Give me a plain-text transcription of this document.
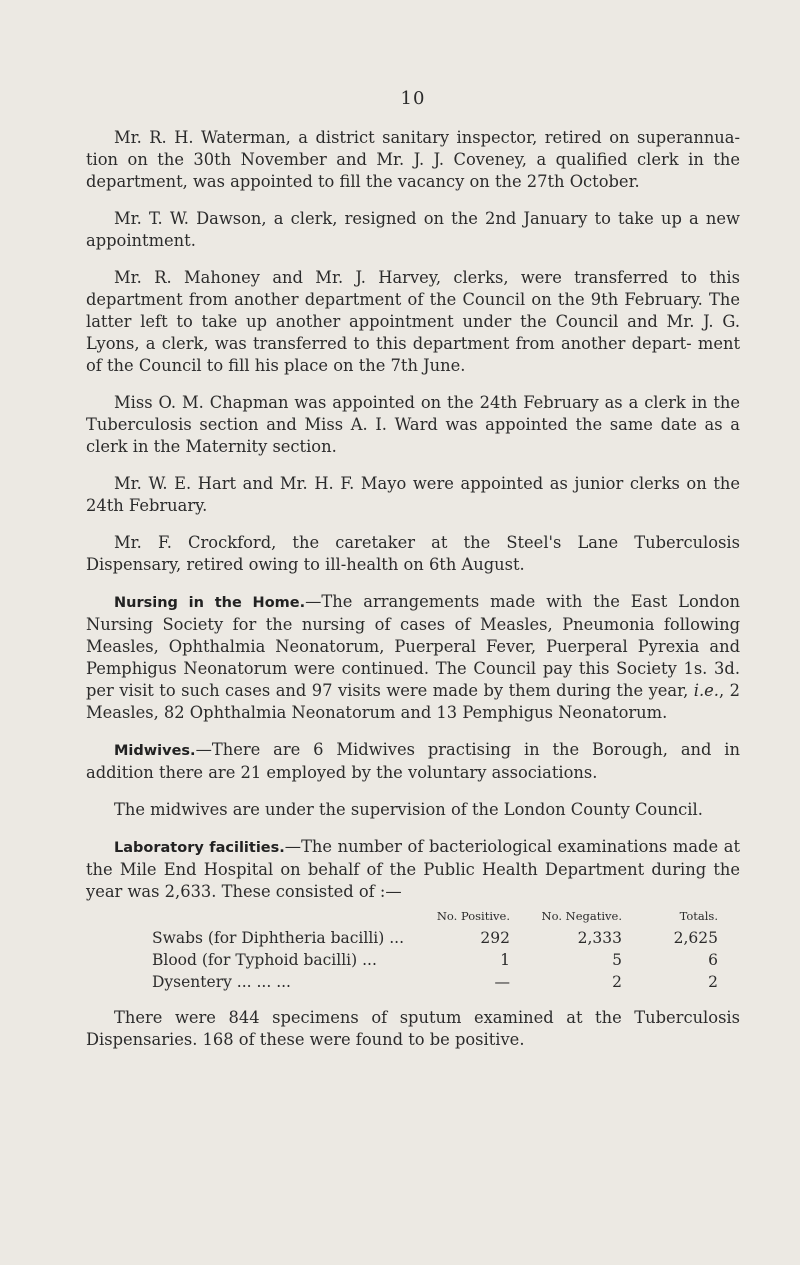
10

Mr. R. H. Waterman, a district sanitary inspector, retired on superannua- tion on the 30th November and Mr. J. J. Coveney, a qualified clerk in the department, was appointed to fill the vacancy on the 27th October.

Mr. T. W. Dawson, a clerk, resigned on the 2nd January to take up a new appointment.

Mr. R. Mahoney and Mr. J. Harvey, clerks, were transferred to this department from another department of the Council on the 9th February. The latter left to take up another appointment under the Council and Mr. J. G. Lyons, a clerk, was transferred to this department from another depart- ment of the Council to fill his place on the 7th June.

Miss O. M. Chapman was appointed on the 24th February as a clerk in the Tuberculosis section and Miss A. I. Ward was appointed the same date as a clerk in the Maternity section.

Mr. W. E. Hart and Mr. H. F. Mayo were appointed as junior clerks on the 24th February.

Mr. F. Crockford, the caretaker at the Steel's Lane Tuberculosis Dispensary, retired owing to ill-health on 6th August.

Nursing in the Home.—The arrangements made with the East London Nursing Society for the nursing of cases of Measles, Pneumonia following Measles, Ophthalmia Neonatorum, Puerperal Fever, Puerperal Pyrexia and Pemphigus Neonatorum were continued. The Council pay this Society 1s. 3d. per visit to such cases and 97 visits were made by them during the year, i.e., 2 Measles, 82 Ophthalmia Neonatorum and 13 Pemphigus Neonatorum.

Midwives.—There are 6 Midwives practising in the Borough, and in addition there are 21 employed by the voluntary associations.

The midwives are under the supervision of the London County Council.

Laboratory facilities.—The number of bacteriological examinations made at the Mile End Hospital on behalf of the Public Health Department during the year was 2,633. These consisted of :—

	No. Positive.	No. Negative.	Totals.
Swabs (for Diphtheria bacilli) ...	292	2,333	2,625
Blood (for Typhoid bacilli) ...	1	5	6
Dysentery ... ... ...	—	2	2

There were 844 specimens of sputum examined at the Tuberculosis Dispensaries. 168 of these were found to be positive.
